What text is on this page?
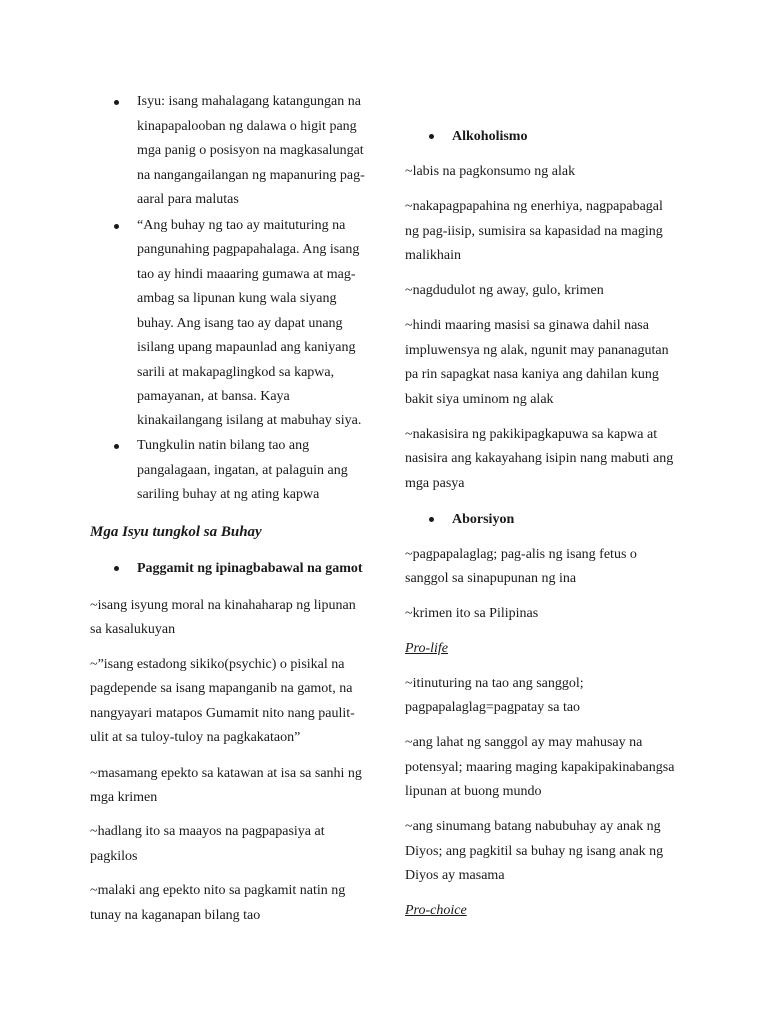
Isyu: isang mahalagang katangungan na
kinapapalooban ng dalawa o higit pang
mga panig o posisyon na magkasalungat
na nangangailangan ng mapanuring pag-
aaral para malutas
“Ang buhay ng tao ay maituturing na
pangunahing pagpapahalaga. Ang isang
tao ay hindi maaaring gumawa at mag-
ambag sa lipunan kung wala siyang
buhay. Ang isang tao ay dapat unang
isilang upang mapaunlad ang kaniyang
sarili at makapaglingkod sa kapwa,
pamayanan, at bansa. Kaya
kinakailangang isilang at mabuhay siya.
Tungkulin natin bilang tao ang
pangalagaan, ingatan, at palaguin ang
sariling buhay at ng ating kapwa
Mga Isyu tungkol sa Buhay
Paggamit ng ipinagbabawal na gamot
~isang isyung moral na kinahaharap ng lipunan
sa kasalukuyan
~”isang estadong sikiko(psychic) o pisikal na
pagdepende sa isang mapanganib na gamot, na
nangyayari matapos Gumamit nito nang paulit-
ulit at sa tuloy-tuloy na pagkakataon”
~masamang epekto sa katawan at isa sa sanhi ng
mga krimen
~hadlang ito sa maayos na pagpapasiya at
pagkilos
~malaki ang epekto nito sa pagkamit natin ng
tunay na kaganapan bilang tao
Alkoholismo
~labis na pagkonsumo ng alak
~nakapagpapahina ng enerhiya, nagpapabagal
ng pag-iisip, sumisira sa kapasidad na maging
malikhain
~nagdudulot ng away, gulo, krimen
~hindi maaring masisi sa ginawa dahil nasa
impluwensya ng alak, ngunit may pananagutan
pa rin sapagkat nasa kaniya ang dahilan kung
bakit siya uminom ng alak
~nakasisira ng pakikipagkapuwa sa kapwa at
nasisira ang kakayahang isipin nang mabuti ang
mga pasya
Aborsiyon
~pagpapalaglag; pag-alis ng isang fetus o
sanggol sa sinapupunan ng ina
~krimen ito sa Pilipinas
Pro-life
~itinuturing na tao ang sanggol;
pagpapalaglag=pagpatay sa tao
~ang lahat ng sanggol ay may mahusay na
potensyal; maaring maging kapakipakinabangsa
lipunan at buong mundo
~ang sinumang batang nabubuhay ay anak ng
Diyos; ang pagkitil sa buhay ng isang anak ng
Diyos ay masama
Pro-choice
